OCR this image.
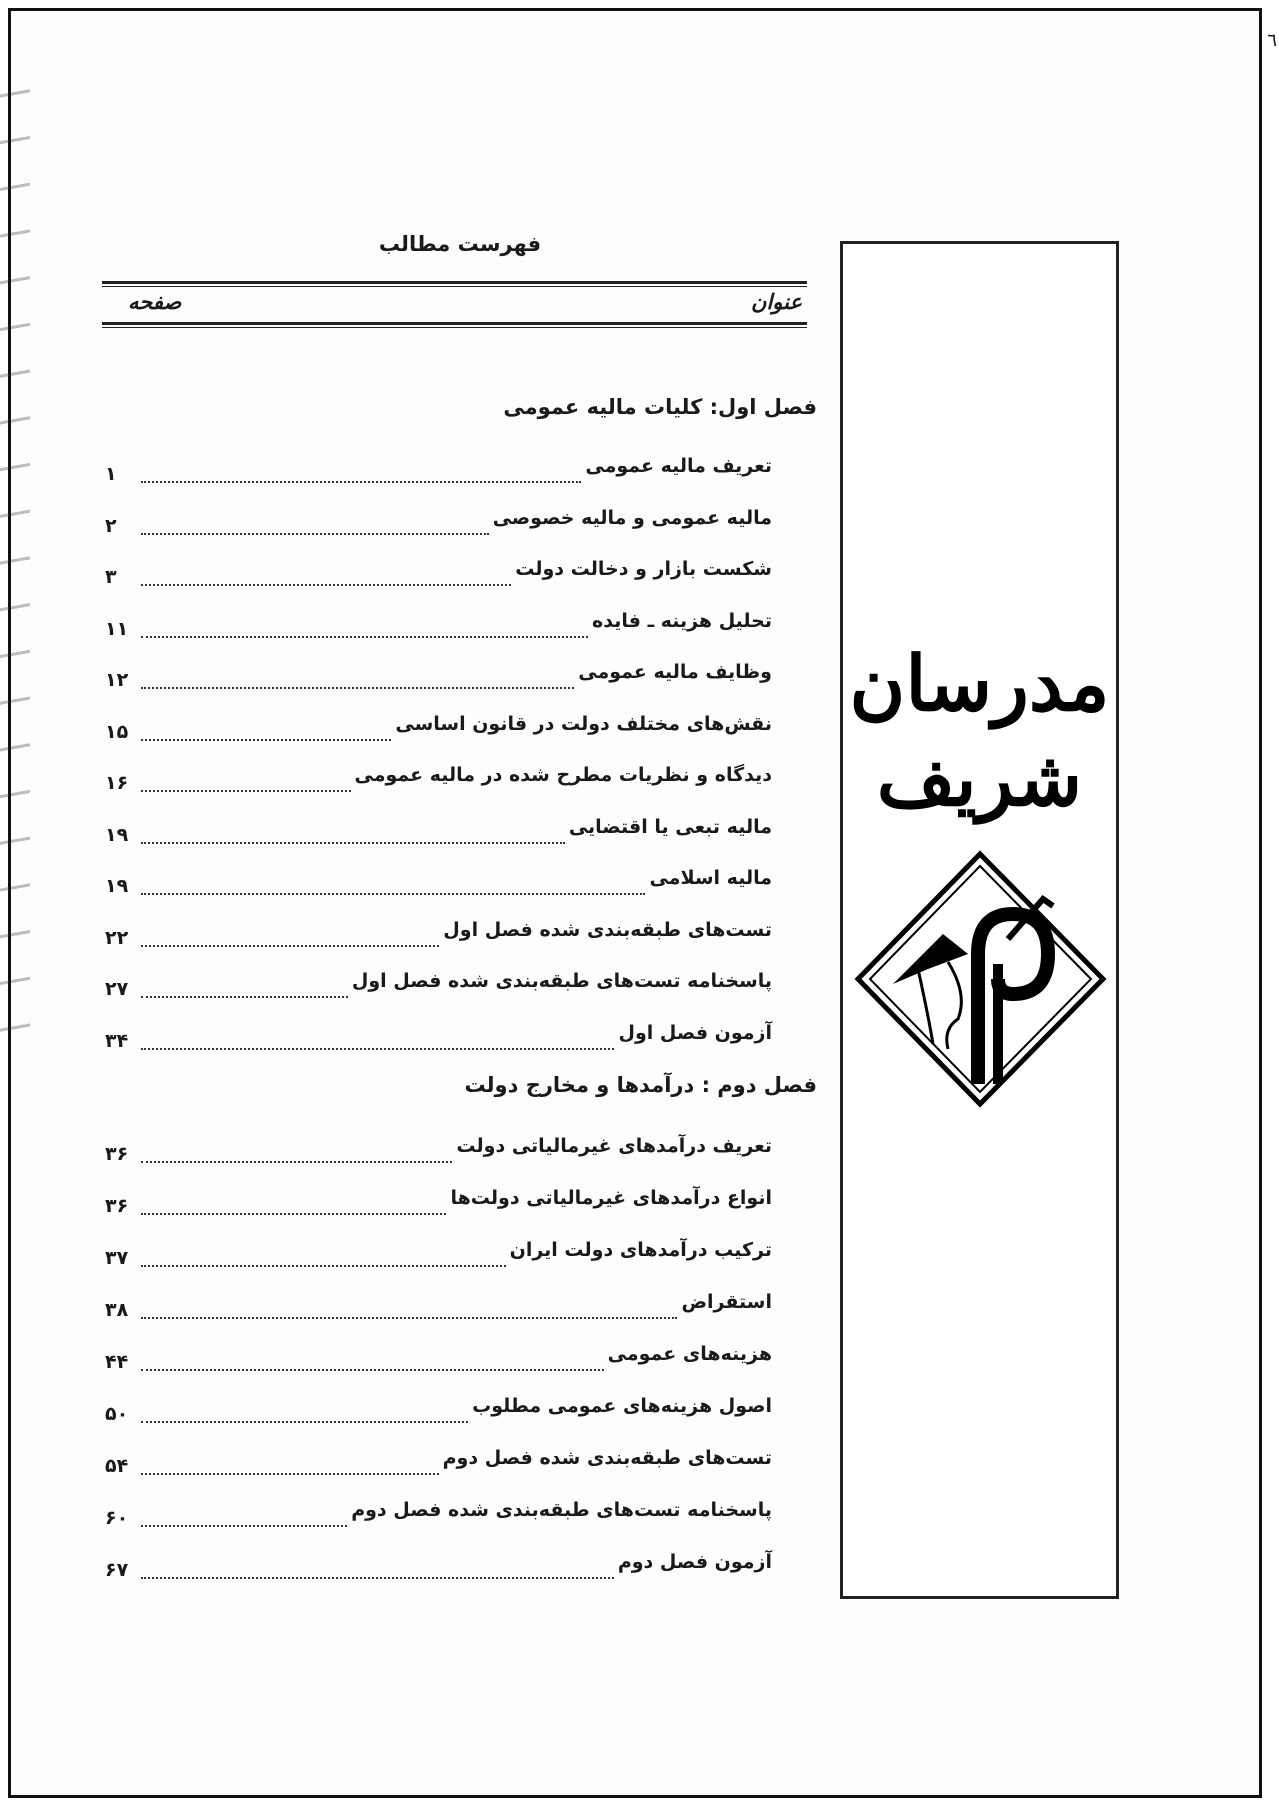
٦
فهرست مطالب
عنوان
صفحه
فصل اول: کلیات مالیه عمومی
۱	تعریف مالیه عمومی
۲	مالیه عمومی و مالیه خصوصی
۳	شکست بازار و دخالت دولت
۱۱	تحلیل هزینه ـ فایده
۱۲	وظایف مالیه عمومی
۱۵	نقش‌های مختلف دولت در قانون اساسی
۱۶	دیدگاه و نظریات مطرح شده در مالیه عمومی
۱۹	مالیه تبعی یا اقتضایی
۱۹	مالیه اسلامی
۲۲	تست‌های طبقه‌بندی شده فصل اول
۲۷	پاسخنامه تست‌های طبقه‌بندی شده فصل اول
۳۴	آزمون فصل اول
فصل دوم : درآمدها و مخارج دولت
۳۶	تعریف درآمدهای غیرمالیاتی دولت
۳۶	انواع درآمدهای غیرمالیاتی دولت‌ها
۳۷	ترکیب درآمدهای دولت ایران
۳۸	استقراض
۴۴	هزینه‌های عمومی
۵۰	اصول هزینه‌های عمومی مطلوب
۵۴	تست‌های طبقه‌بندی شده فصل دوم
۶۰	پاسخنامه تست‌های طبقه‌بندی شده فصل دوم
۶۷	آزمون فصل دوم
مدرسان
شریف
